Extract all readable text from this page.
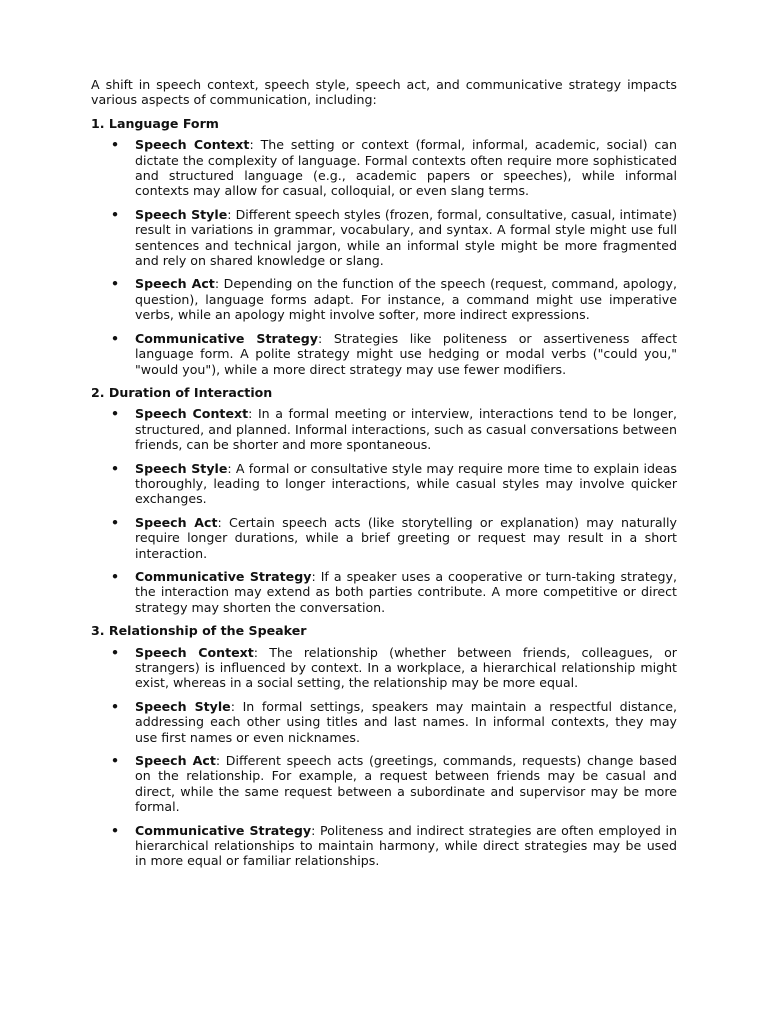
A shift in speech context, speech style, speech act, and communicative strategy impacts various aspects of communication, including:

1. Language Form
• Speech Context: The setting or context (formal, informal, academic, social) can dictate the complexity of language. Formal contexts often require more sophisticated and structured language (e.g., academic papers or speeches), while informal contexts may allow for casual, colloquial, or even slang terms.
• Speech Style: Different speech styles (frozen, formal, consultative, casual, intimate) result in variations in grammar, vocabulary, and syntax. A formal style might use full sentences and technical jargon, while an informal style might be more fragmented and rely on shared knowledge or slang.
• Speech Act: Depending on the function of the speech (request, command, apology, question), language forms adapt. For instance, a command might use imperative verbs, while an apology might involve softer, more indirect expressions.
• Communicative Strategy: Strategies like politeness or assertiveness affect language form. A polite strategy might use hedging or modal verbs ("could you," "would you"), while a more direct strategy may use fewer modifiers.
2. Duration of Interaction
• Speech Context: In a formal meeting or interview, interactions tend to be longer, structured, and planned. Informal interactions, such as casual conversations between friends, can be shorter and more spontaneous.
• Speech Style: A formal or consultative style may require more time to explain ideas thoroughly, leading to longer interactions, while casual styles may involve quicker exchanges.
• Speech Act: Certain speech acts (like storytelling or explanation) may naturally require longer durations, while a brief greeting or request may result in a short interaction.
• Communicative Strategy: If a speaker uses a cooperative or turn-taking strategy, the interaction may extend as both parties contribute. A more competitive or direct strategy may shorten the conversation.
3. Relationship of the Speaker
• Speech Context: The relationship (whether between friends, colleagues, or strangers) is influenced by context. In a workplace, a hierarchical relationship might exist, whereas in a social setting, the relationship may be more equal.
• Speech Style: In formal settings, speakers may maintain a respectful distance, addressing each other using titles and last names. In informal contexts, they may use first names or even nicknames.
• Speech Act: Different speech acts (greetings, commands, requests) change based on the relationship. For example, a request between friends may be casual and direct, while the same request between a subordinate and supervisor may be more formal.
• Communicative Strategy: Politeness and indirect strategies are often employed in hierarchical relationships to maintain harmony, while direct strategies may be used in more equal or familiar relationships.
